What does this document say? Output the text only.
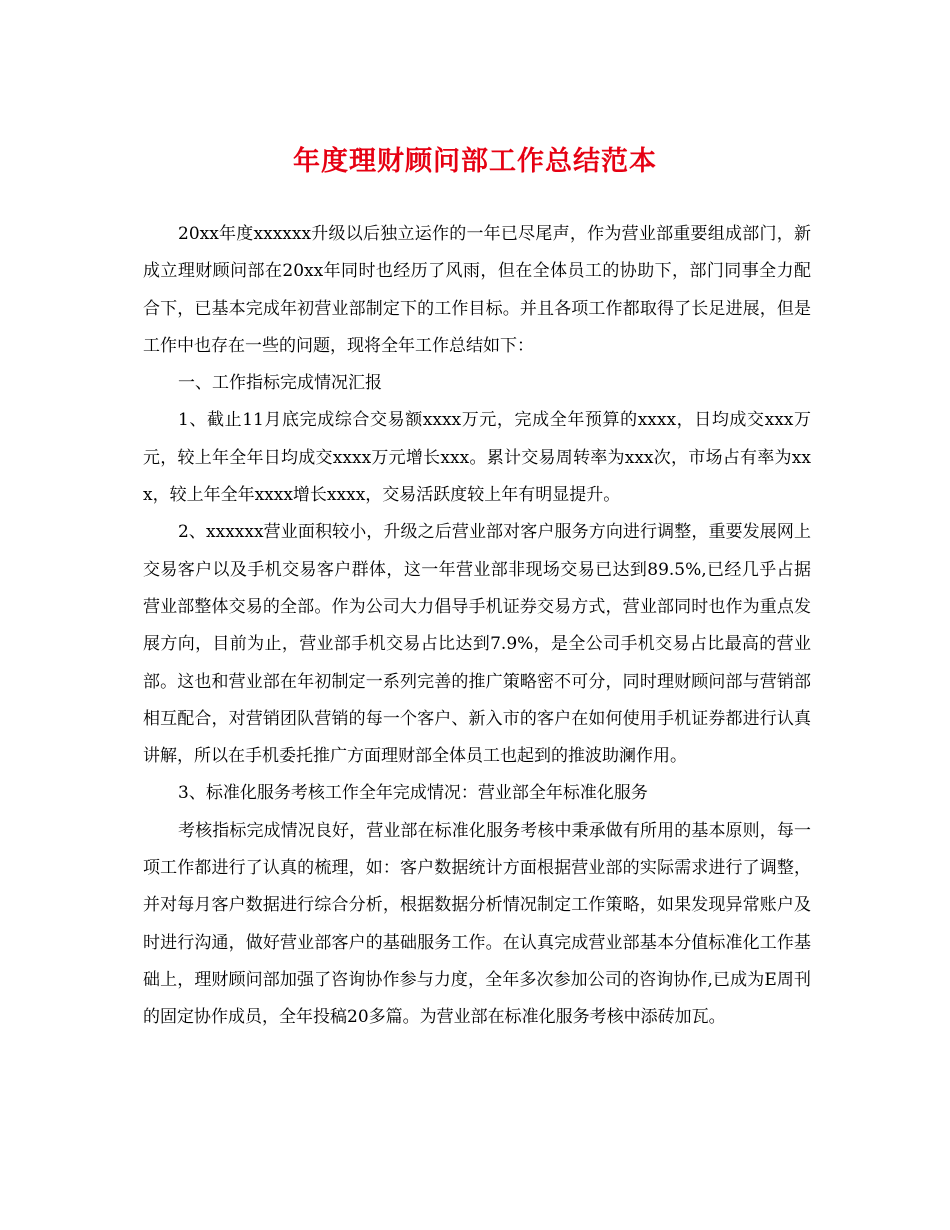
年度理财顾问部工作总结范本

20xx年度xxxxxx升级以后独立运作的一年已尽尾声，作为营业部重要组成部门，新成立理财顾问部在20xx年同时也经历了风雨，但在全体员工的协助下，部门同事全力配合下，已基本完成年初营业部制定下的工作目标。并且各项工作都取得了长足进展，但是工作中也存在一些的问题，现将全年工作总结如下：

一、工作指标完成情况汇报

1、截止11月底完成综合交易额xxxx万元，完成全年预算的xxxx，日均成交xxx万元，较上年全年日均成交xxxx万元增长xxx。累计交易周转率为xxx次，市场占有率为xxx，较上年全年xxxx增长xxxx，交易活跃度较上年有明显提升。

2、xxxxxx营业面积较小，升级之后营业部对客户服务方向进行调整，重要发展网上交易客户以及手机交易客户群体，这一年营业部非现场交易已达到89.5%,已经几乎占据营业部整体交易的全部。作为公司大力倡导手机证券交易方式，营业部同时也作为重点发展方向，目前为止，营业部手机交易占比达到7.9%，是全公司手机交易占比最高的营业部。这也和营业部在年初制定一系列完善的推广策略密不可分，同时理财顾问部与营销部相互配合，对营销团队营销的每一个客户、新入市的客户在如何使用手机证券都进行认真讲解，所以在手机委托推广方面理财部全体员工也起到的推波助澜作用。

3、标准化服务考核工作全年完成情况：营业部全年标准化服务

考核指标完成情况良好，营业部在标准化服务考核中秉承做有所用的基本原则，每一项工作都进行了认真的梳理，如：客户数据统计方面根据营业部的实际需求进行了调整，并对每月客户数据进行综合分析，根据数据分析情况制定工作策略，如果发现异常账户及时进行沟通，做好营业部客户的基础服务工作。在认真完成营业部基本分值标准化工作基础上，理财顾问部加强了咨询协作参与力度，全年多次参加公司的咨询协作,已成为E周刊的固定协作成员，全年投稿20多篇。为营业部在标准化服务考核中添砖加瓦。
